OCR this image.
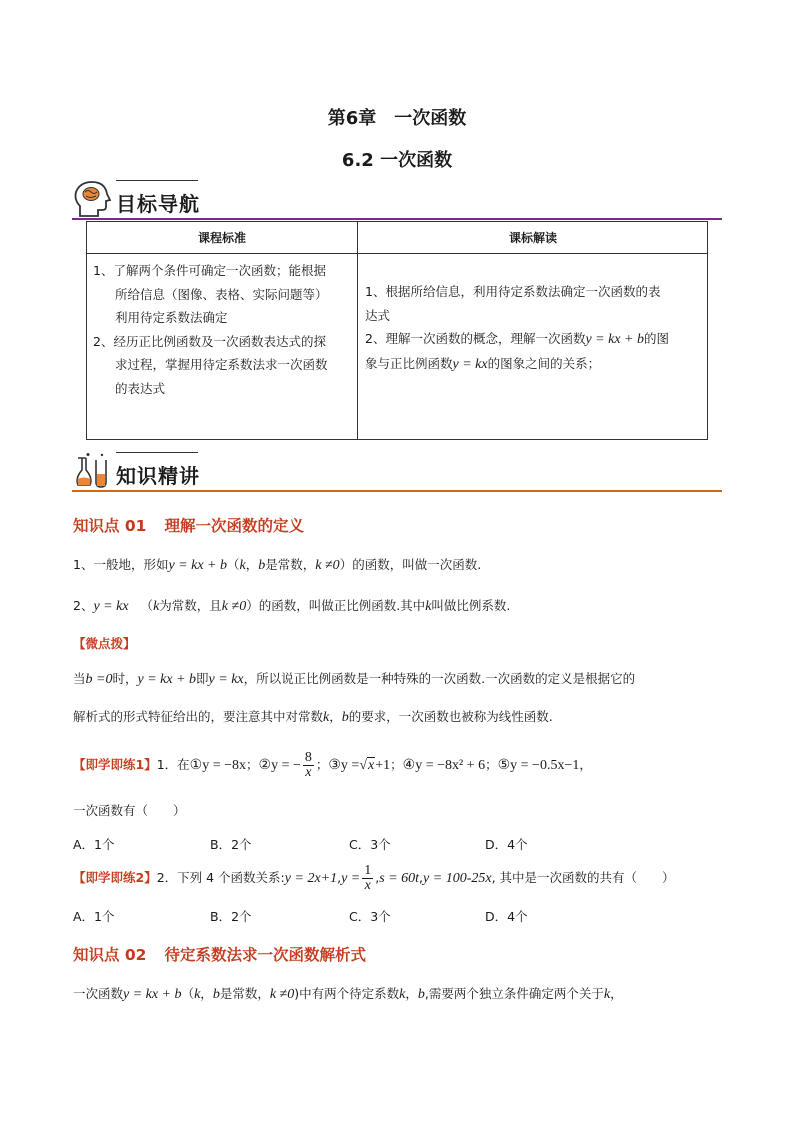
第6章　一次函数
6.2 一次函数
目标导航
课程标准	课标解读
1、了解两个条件可确定一次函数；能根据
所给信息（图像、表格、实际问题等）
利用待定系数法确定
2、经历正比例函数及一次函数表达式的探
求过程，掌握用待定系数法求一次函数
的表达式
1、根据所给信息，利用待定系数法确定一次函数的表
达式
2、理解一次函数的概念，理解一次函数y = kx + b的图
象与正比例函数y = kx的图象之间的关系；
知识精讲
知识点 01 理解一次函数的定义
1、一般地，形如y = kx + b（k，b是常数，k ≠0）的函数，叫做一次函数.
2、y = kx （k为常数，且k ≠0）的函数，叫做正比例函数.其中k叫做比例系数.
【微点拨】
当b =0时，y = kx + b即y = kx，所以说正比例函数是一种特殊的一次函数.一次函数的定义是根据它的
解析式的形式特征给出的，要注意其中对常数k，b的要求，一次函数也被称为线性函数.
【即学即练1】1．在①y = −8x；②y = − $\frac{8}{x}$ ；③y =√x+1；④y = −8x² + 6；⑤y = −0.5x−1，
一次函数有（　　）
A．1个	B．2个	C．3个	D．4个
【即学即练2】2．下列 4 个函数关系:y = $2x+1,y = \frac{1}{x} ,s = 60t,y = 100-25x$, 其中是一次函数的共有（　　）
A．1个	B．2个	C．3个	D．4个
知识点 02 待定系数法求一次函数解析式
一次函数y = kx + b（k，b是常数，k ≠0)中有两个待定系数k，b,需要两个独立条件确定两个关于k，
